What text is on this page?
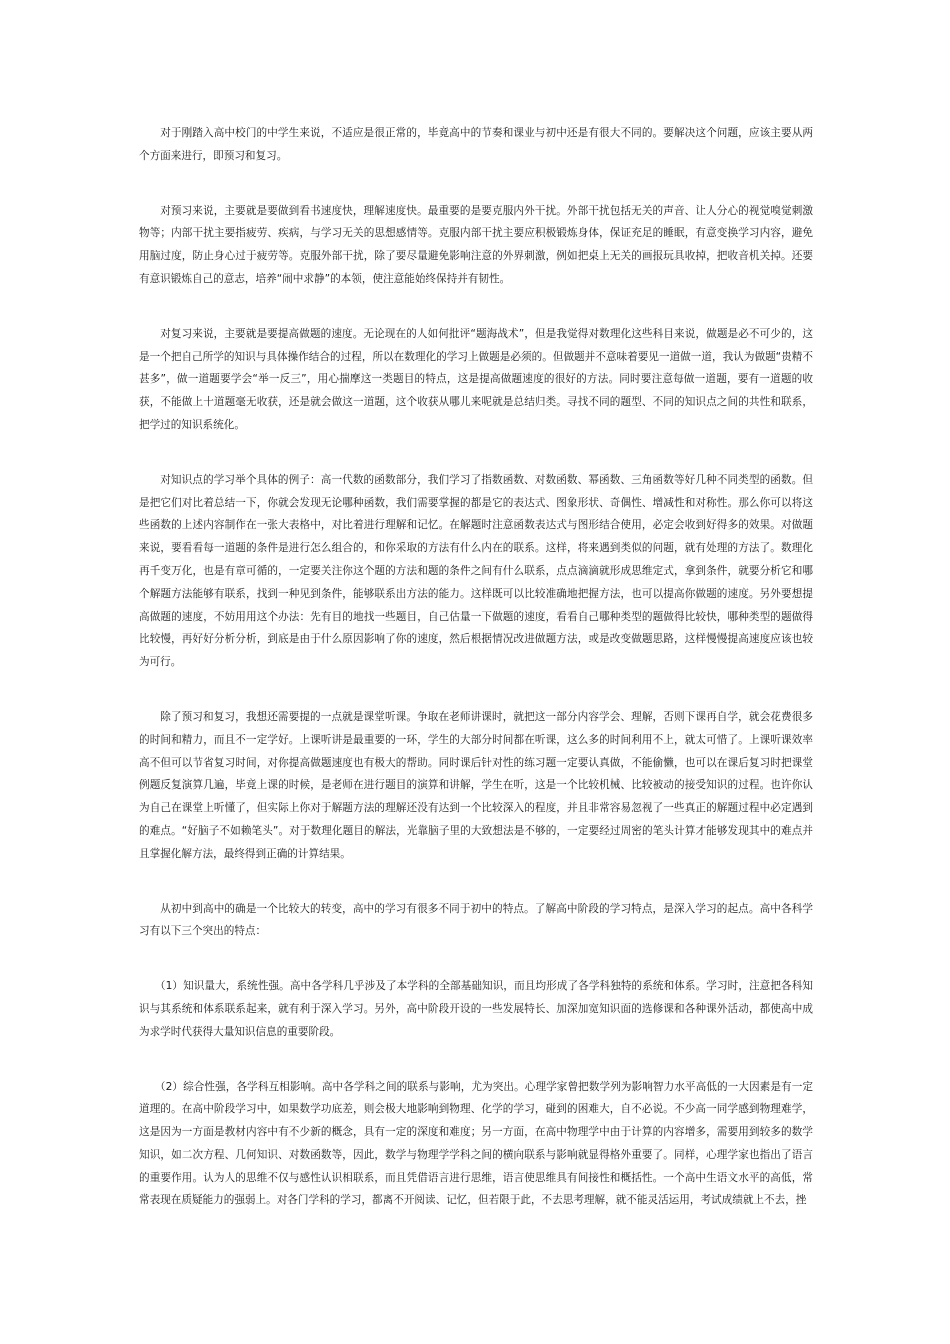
对于刚踏入高中校门的中学生来说，不适应是很正常的，毕竟高中的节奏和课业与初中还是有很大不同的。要解决这个问题，应该主要从两个方面来进行，即预习和复习。

对预习来说，主要就是要做到看书速度快，理解速度快。最重要的是要克服内外干扰。外部干扰包括无关的声音、让人分心的视觉嗅觉刺激物等；内部干扰主要指疲劳、疾病，与学习无关的思想感情等。克服内部干扰主要应积极锻炼身体，保证充足的睡眠，有意变换学习内容，避免用脑过度，防止身心过于疲劳等。克服外部干扰，除了要尽量避免影响注意的外界刺激，例如把桌上无关的画报玩具收掉，把收音机关掉。还要有意识锻炼自己的意志，培养“闹中求静”的本领，使注意能始终保持并有韧性。

对复习来说，主要就是要提高做题的速度。无论现在的人如何批评“题海战术”，但是我觉得对数理化这些科目来说，做题是必不可少的，这是一个把自己所学的知识与具体操作结合的过程，所以在数理化的学习上做题是必须的。但做题并不意味着要见一道做一道，我认为做题“贵精不甚多”，做一道题要学会“举一反三”，用心揣摩这一类题目的特点，这是提高做题速度的很好的方法。同时要注意每做一道题，要有一道题的收获，不能做上十道题毫无收获，还是就会做这一道题，这个收获从哪儿来呢就是总结归类。寻找不同的题型、不同的知识点之间的共性和联系，把学过的知识系统化。

对知识点的学习举个具体的例子：高一代数的函数部分，我们学习了指数函数、对数函数、幂函数、三角函数等好几种不同类型的函数。但是把它们对比着总结一下，你就会发现无论哪种函数，我们需要掌握的都是它的表达式、图象形状、奇偶性、增减性和对称性。那么你可以将这些函数的上述内容制作在一张大表格中，对比着进行理解和记忆。在解题时注意函数表达式与图形结合使用，必定会收到好得多的效果。对做题来说，要看看每一道题的条件是进行怎么组合的，和你采取的方法有什么内在的联系。这样，将来遇到类似的问题，就有处理的方法了。数理化再千变万化，也是有章可循的，一定要关注你这个题的方法和题的条件之间有什么联系，点点滴滴就形成思维定式，拿到条件，就要分析它和哪个解题方法能够有联系，找到一种见到条件，能够联系出方法的能力。这样既可以比较准确地把握方法，也可以提高你做题的速度。另外要想提高做题的速度，不妨用用这个办法：先有目的地找一些题目，自己估量一下做题的速度，看看自己哪种类型的题做得比较快，哪种类型的题做得比较慢，再好好分析分析，到底是由于什么原因影响了你的速度，然后根据情况改进做题方法，或是改变做题思路，这样慢慢提高速度应该也较为可行。

除了预习和复习，我想还需要提的一点就是课堂听课。争取在老师讲课时，就把这一部分内容学会、理解，否则下课再自学，就会花费很多的时间和精力，而且不一定学好。上课听讲是最重要的一环，学生的大部分时间都在听课，这么多的时间利用不上，就太可惜了。上课听课效率高不但可以节省复习时间，对你提高做题速度也有极大的帮助。同时课后针对性的练习题一定要认真做，不能偷懒，也可以在课后复习时把课堂例题反复演算几遍，毕竟上课的时候，是老师在进行题目的演算和讲解，学生在听，这是一个比较机械、比较被动的接受知识的过程。也许你认为自己在课堂上听懂了，但实际上你对于解题方法的理解还没有达到一个比较深入的程度，并且非常容易忽视了一些真正的解题过程中必定遇到的难点。“好脑子不如赖笔头”。对于数理化题目的解法，光靠脑子里的大致想法是不够的，一定要经过周密的笔头计算才能够发现其中的难点并且掌握化解方法，最终得到正确的计算结果。

从初中到高中的确是一个比较大的转变，高中的学习有很多不同于初中的特点。了解高中阶段的学习特点，是深入学习的起点。高中各科学习有以下三个突出的特点：

（1）知识量大，系统性强。高中各学科几乎涉及了本学科的全部基础知识，而且均形成了各学科独特的系统和体系。学习时，注意把各科知识与其系统和体系联系起来，就有利于深入学习。另外，高中阶段开设的一些发展特长、加深加宽知识面的选修课和各种课外活动，都使高中成为求学时代获得大量知识信息的重要阶段。

（2）综合性强，各学科互相影响。高中各学科之间的联系与影响，尤为突出。心理学家曾把数学列为影响智力水平高低的一大因素是有一定道理的。在高中阶段学习中，如果数学功底差，则会极大地影响到物理、化学的学习，碰到的困难大，自不必说。不少高一同学感到物理难学，这是因为一方面是教材内容中有不少新的概念，具有一定的深度和难度；另一方面，在高中物理学中由于计算的内容增多，需要用到较多的数学知识，如二次方程、几何知识、对数函数等，因此，数学与物理学学科之间的横向联系与影响就显得格外重要了。同样，心理学家也指出了语言的重要作用。认为人的思维不仅与感性认识相联系，而且凭借语言进行思维，语言使思维具有间接性和概括性。一个高中生语文水平的高低，常常表现在质疑能力的强弱上。对各门学科的学习，都离不开阅读、记忆，但若限于此，不去思考理解，就不能灵活运用，考试成绩就上不去，挫
